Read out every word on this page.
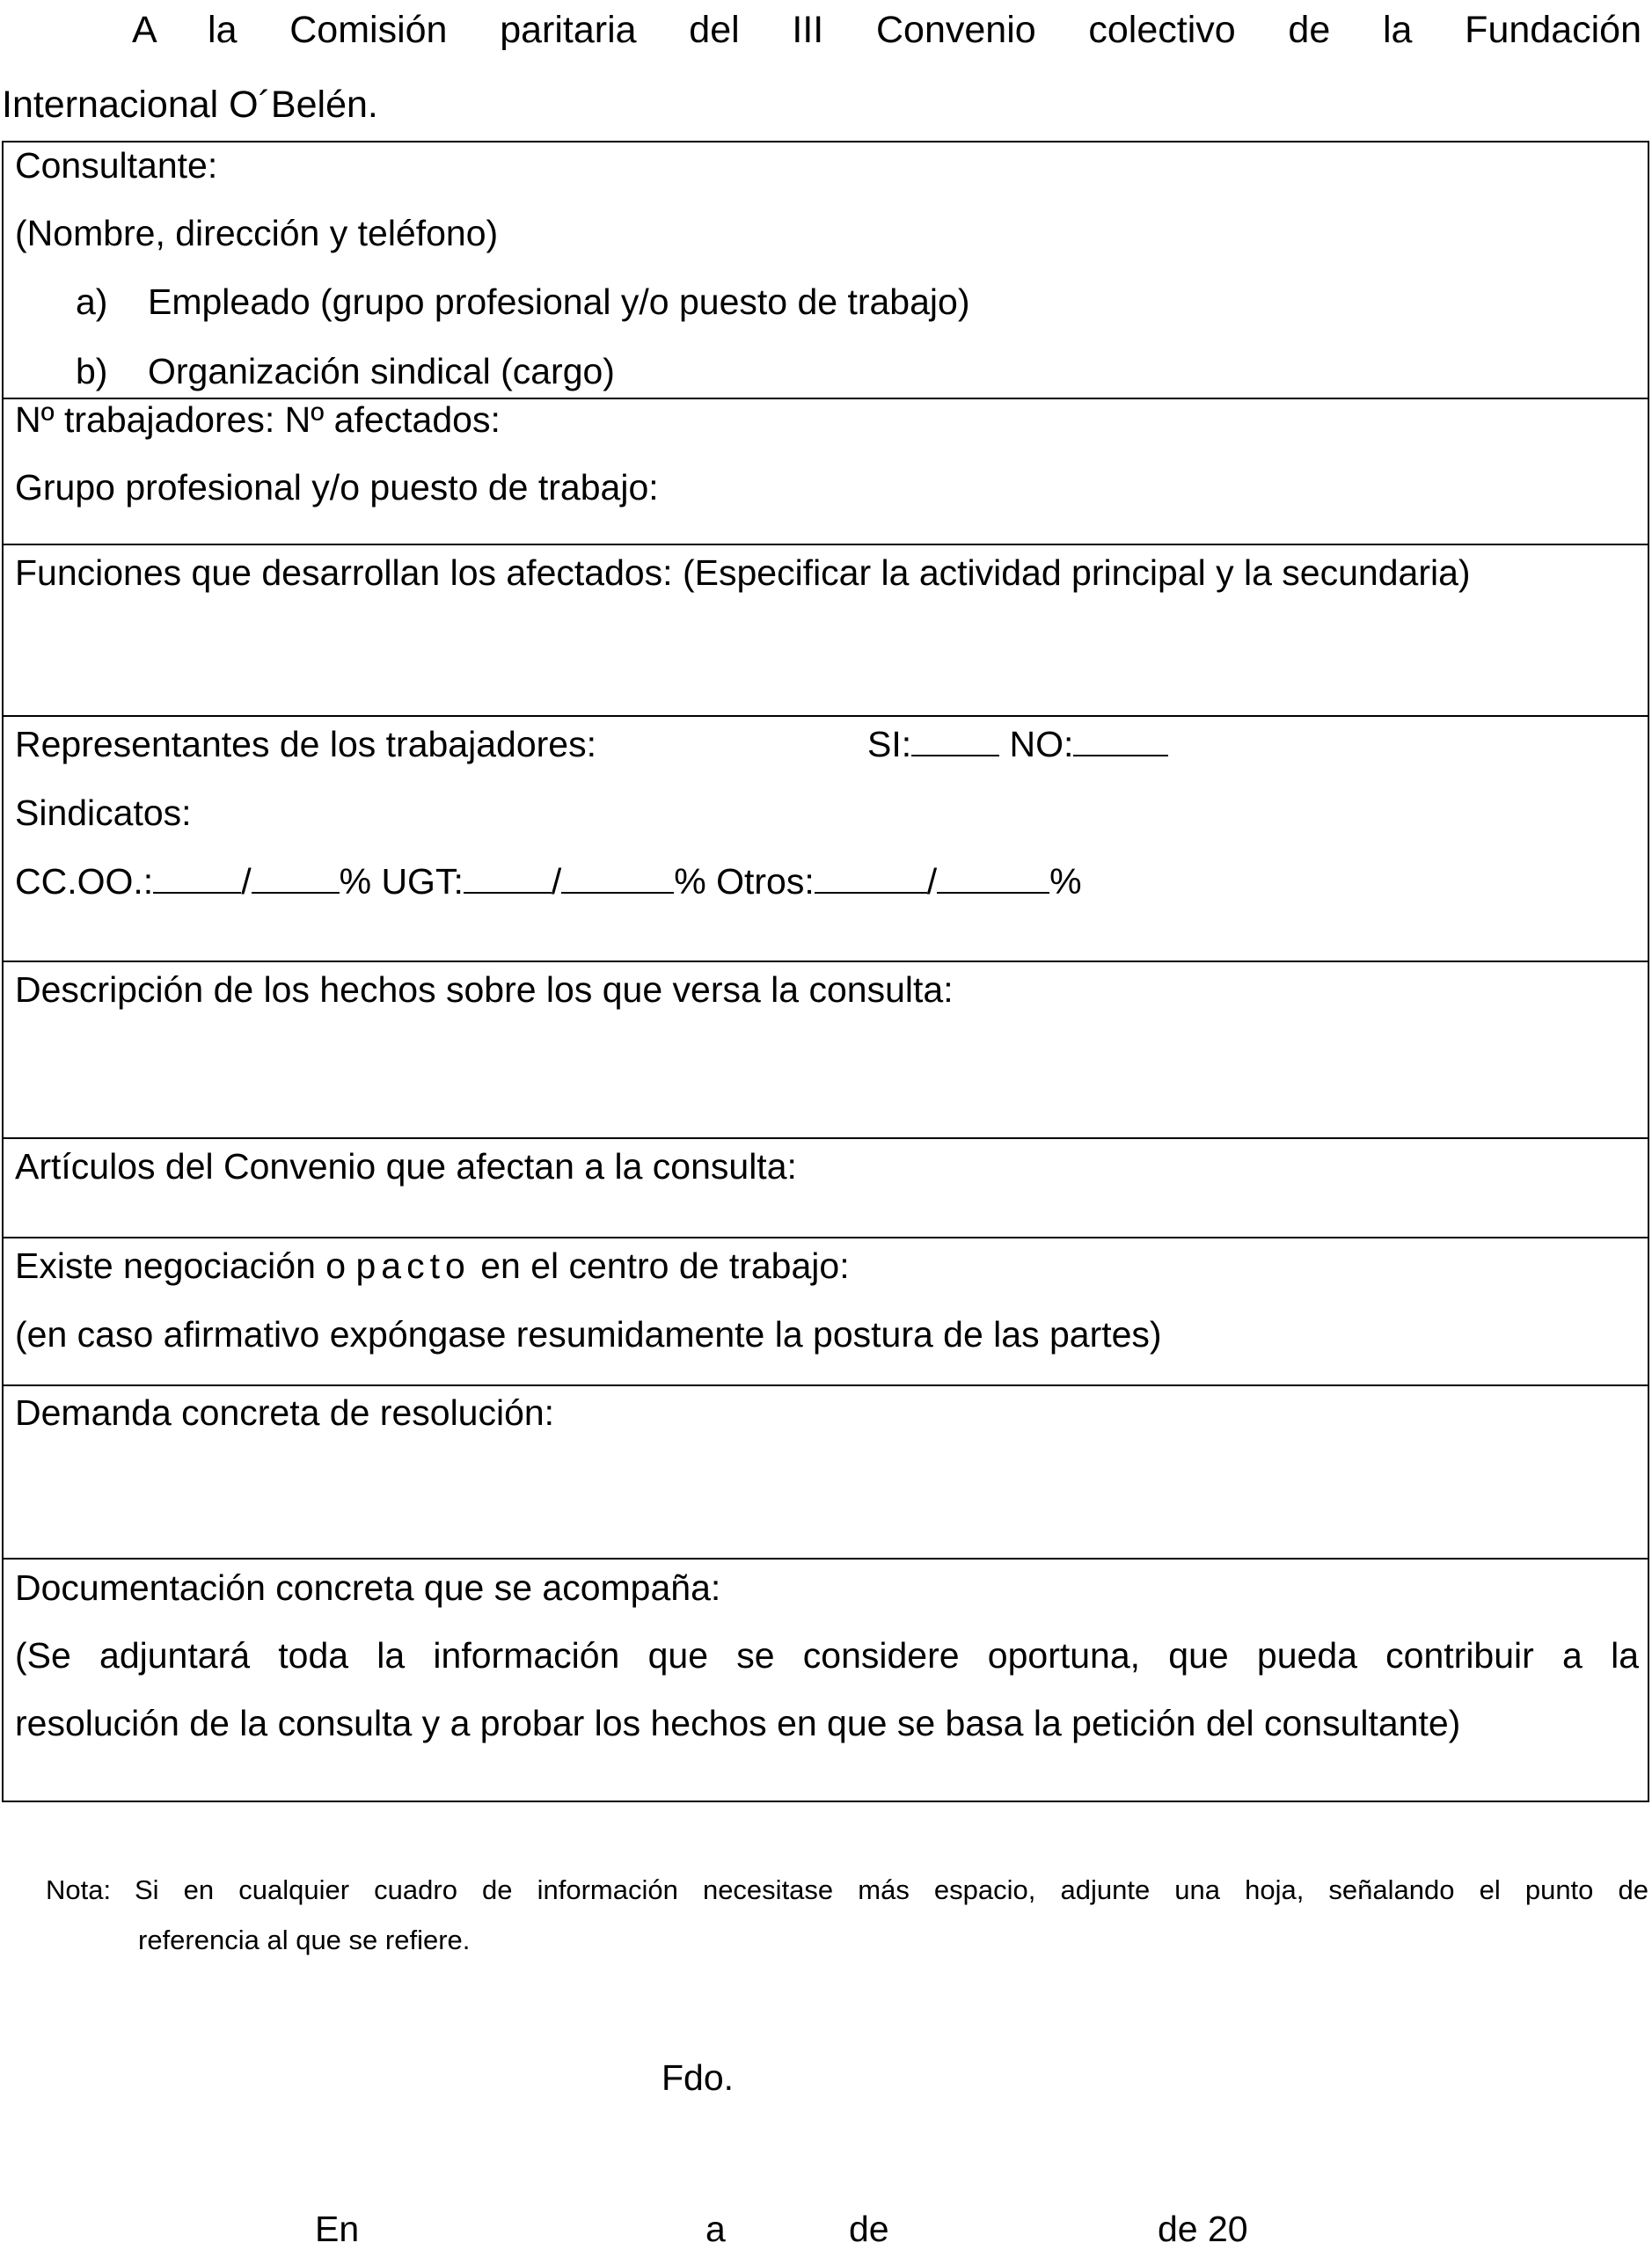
A la Comisión paritaria del III Convenio colectivo de la Fundación
Internacional O´Belén.

Consultante:
(Nombre, dirección y teléfono)
a) Empleado (grupo profesional y/o puesto de trabajo)
b) Organización sindical (cargo)
Nº trabajadores: Nº afectados:
Grupo profesional y/o puesto de trabajo:
Funciones que desarrollan los afectados: (Especificar la actividad principal y la secundaria)
Representantes de los trabajadores:	SI:	NO:
Sindicatos:
CC.OO.: / % UGT: /	% Otros:	/	%
Descripción de los hechos sobre los que versa la consulta:
Artículos del Convenio que afectan a la consulta:
Existe negociación o pacto en el centro de trabajo:
(en caso afirmativo expóngase resumidamente la postura de las partes)
Demanda concreta de resolución:
Documentación concreta que se acompaña:
(Se adjuntará toda la información que se considere oportuna, que pueda contribuir a la
resolución de la consulta y a probar los hechos en que se basa la petición del consultante)
Nota: Si en cualquier cuadro de información necesitase más espacio, adjunte una hoja, señalando el punto de
referencia al que se refiere.
Fdo.
En	a	de	de 20
